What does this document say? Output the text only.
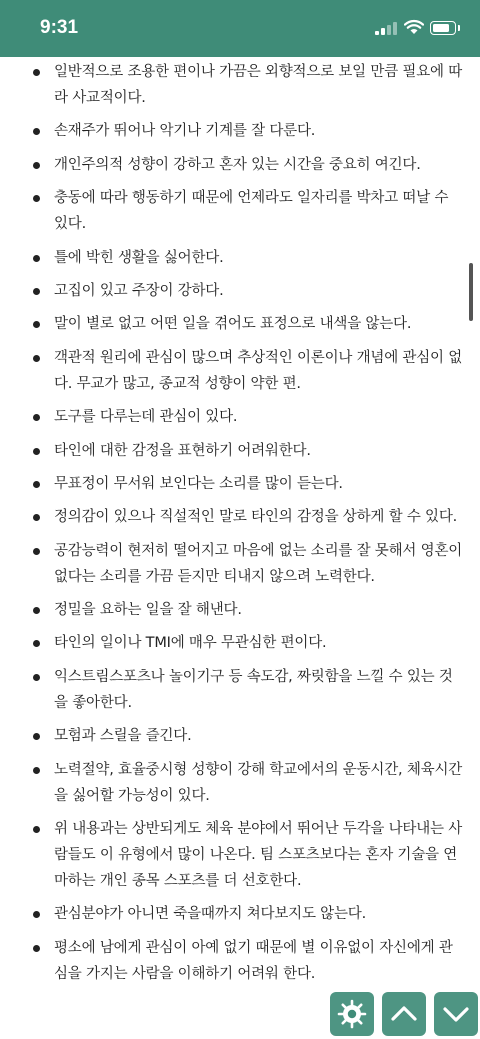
9:31
일반적으로 조용한 편이나 가끔은 외향적으로 보일 만큼 필요에 따라 사교적이다.
손재주가 뛰어나 악기나 기계를 잘 다룬다.
개인주의적 성향이 강하고 혼자 있는 시간을 중요히 여긴다.
충동에 따라 행동하기 때문에 언제라도 일자리를 박차고 떠날 수 있다.
틀에 박힌 생활을 싫어한다.
고집이 있고 주장이 강하다.
말이 별로 없고 어떤 일을 겪어도 표정으로 내색을 않는다.
객관적 원리에 관심이 많으며 추상적인 이론이나 개념에 관심이 없다. 무교가 많고, 종교적 성향이 약한 편.
도구를 다루는데 관심이 있다.
타인에 대한 감정을 표현하기 어려워한다.
무표정이 무서워 보인다는 소리를 많이 듣는다.
정의감이 있으나 직설적인 말로 타인의 감정을 상하게 할 수 있다.
공감능력이 현저히 떨어지고 마음에 없는 소리를 잘 못해서 영혼이 없다는 소리를 가끔 듣지만 티내지 않으려 노력한다.
정밀을 요하는 일을 잘 해낸다.
타인의 일이나 TMI에 매우 무관심한 편이다.
익스트림스포츠나 놀이기구 등 속도감, 짜릿함을 느낄 수 있는 것을 좋아한다.
모험과 스릴을 즐긴다.
노력절약, 효율중시형 성향이 강해 학교에서의 운동시간, 체육시간을 싫어할 가능성이 있다.
위 내용과는 상반되게도 체육 분야에서 뛰어난 두각을 나타내는 사람들도 이 유형에서 많이 나온다. 팀 스포츠보다는 혼자 기술을 연마하는 개인 종목 스포츠를 더 선호한다.
관심분야가 아니면 죽을때까지 쳐다보지도 않는다.
평소에 남에게 관심이 아예 없기 때문에 별 이유없이 자신에게 관심을 가지는 사람을 이해하기 어려워 한다.
